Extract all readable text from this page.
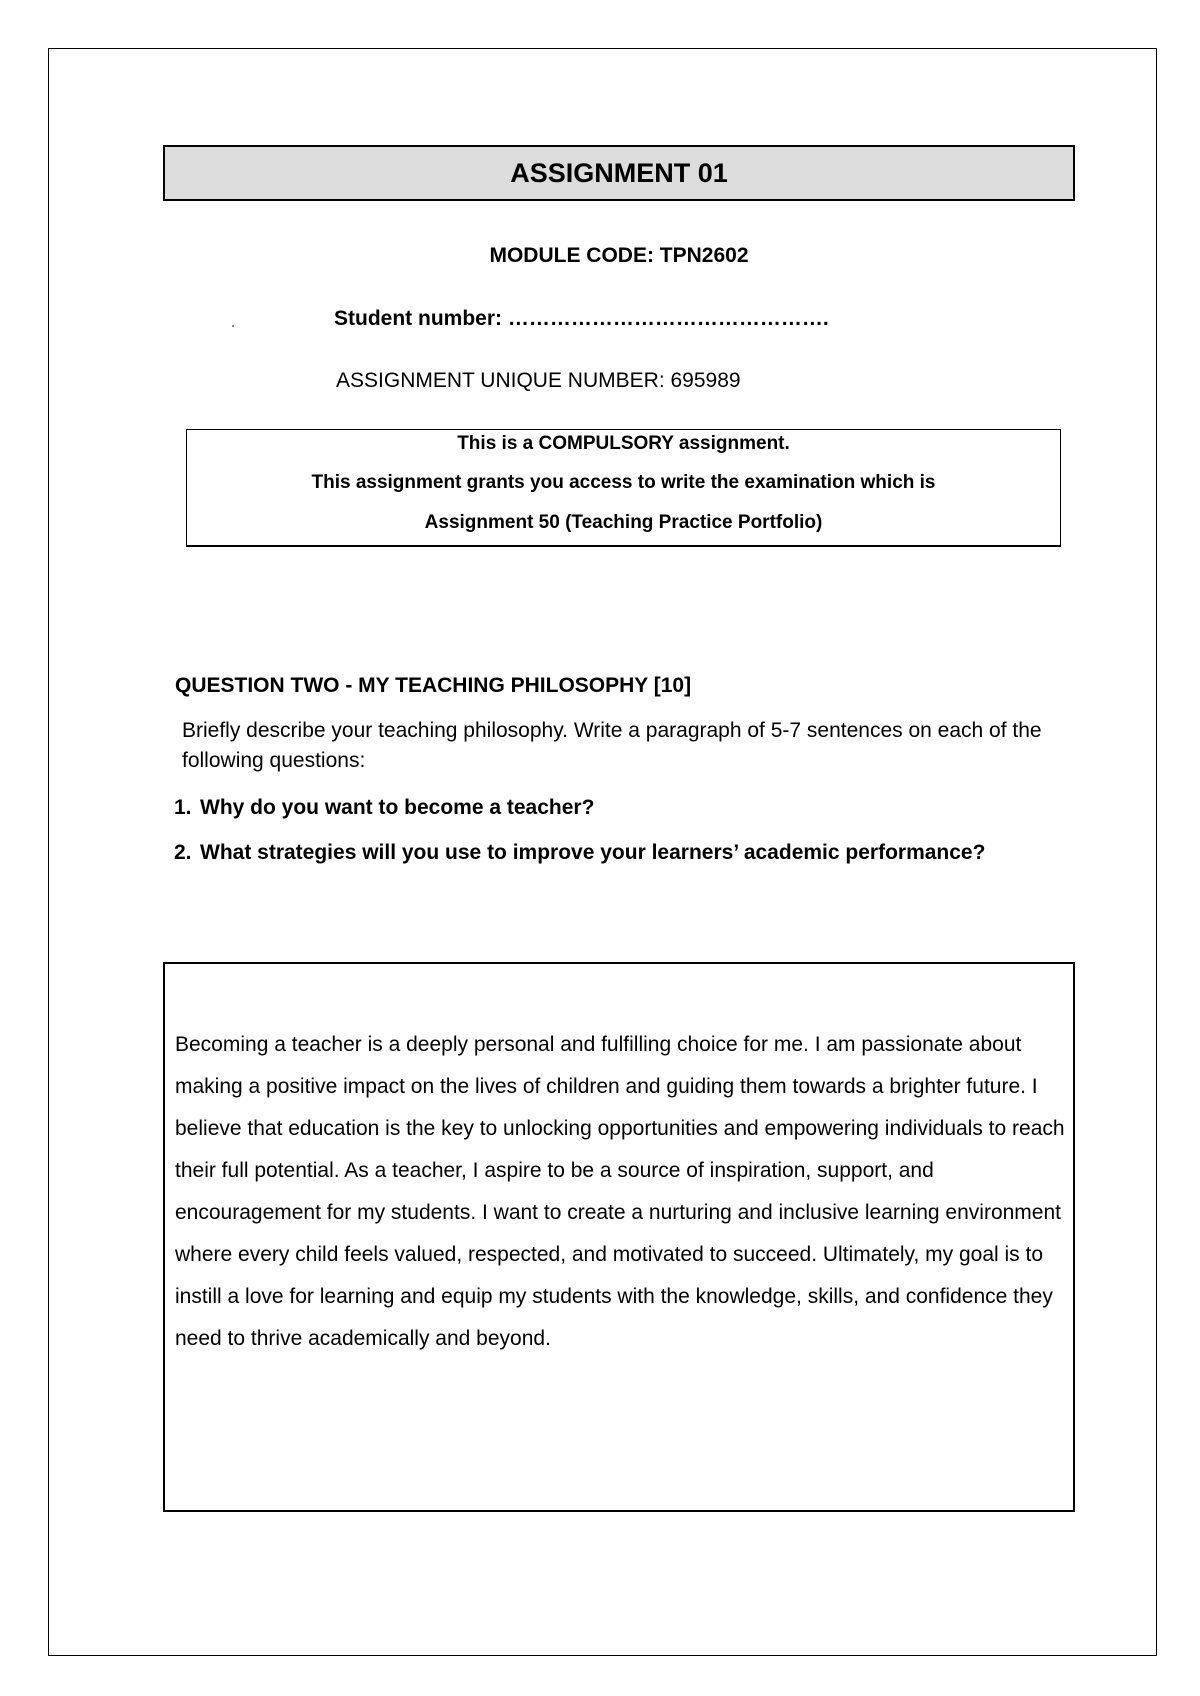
ASSIGNMENT 01
MODULE CODE: TPN2602
Student number: ……………………………………….
ASSIGNMENT UNIQUE NUMBER: 695989
This is a COMPULSORY assignment.
This assignment grants you access to write the examination which is
Assignment 50 (Teaching Practice Portfolio)
QUESTION TWO - MY TEACHING PHILOSOPHY [10]
Briefly describe your teaching philosophy. Write a paragraph of 5-7 sentences on each of the following questions:
1. Why do you want to become a teacher?
2. What strategies will you use to improve your learners’ academic performance?
Becoming a teacher is a deeply personal and fulfilling choice for me. I am passionate about making a positive impact on the lives of children and guiding them towards a brighter future. I believe that education is the key to unlocking opportunities and empowering individuals to reach their full potential. As a teacher, I aspire to be a source of inspiration, support, and encouragement for my students. I want to create a nurturing and inclusive learning environment where every child feels valued, respected, and motivated to succeed. Ultimately, my goal is to instill a love for learning and equip my students with the knowledge, skills, and confidence they need to thrive academically and beyond.
